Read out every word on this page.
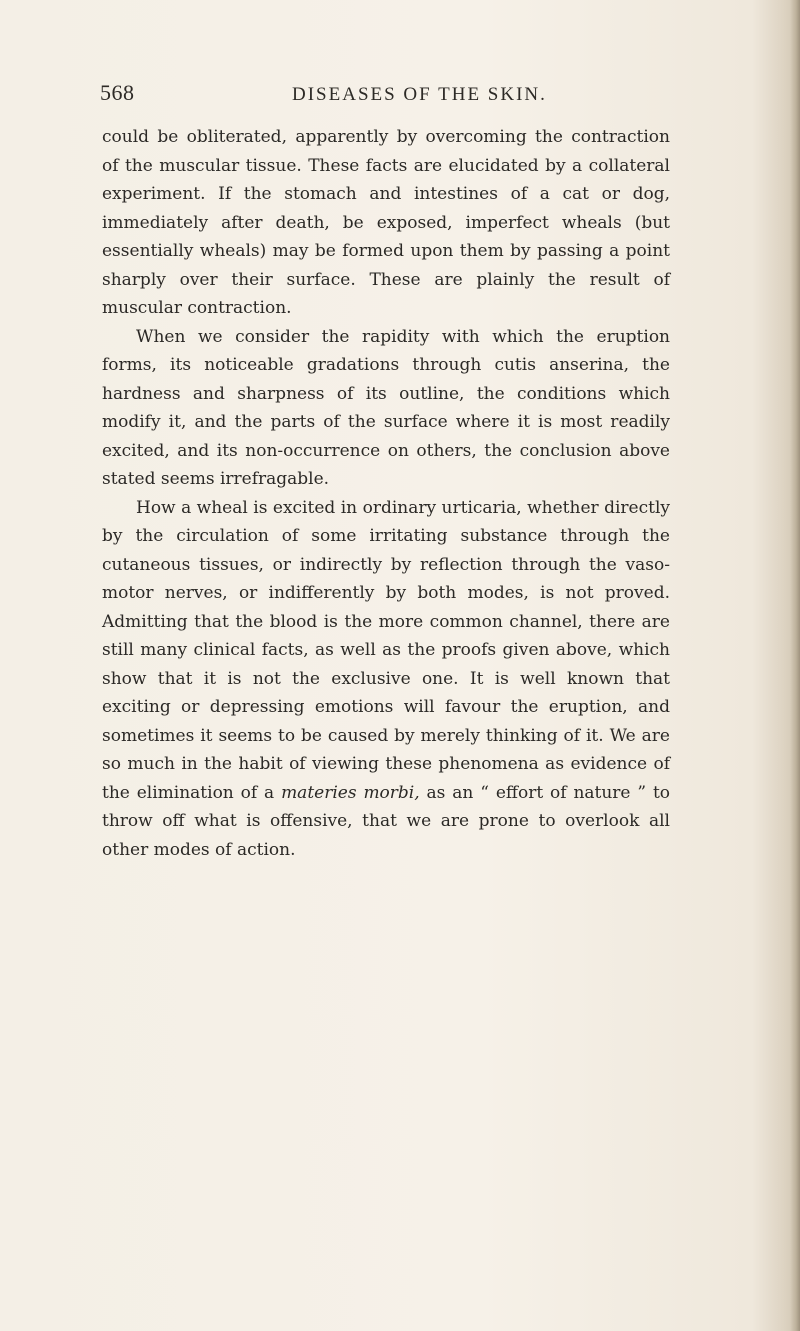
568	DISEASES OF THE SKIN.

could be obliterated, apparently by overcoming the contraction of the muscular tissue. These facts are elucidated by a collateral experiment. If the stomach and intestines of a cat or dog, immediately after death, be exposed, imperfect wheals (but essentially wheals) may be formed upon them by passing a point sharply over their surface. These are plainly the result of muscular contraction.

When we consider the rapidity with which the eruption forms, its noticeable gradations through cutis anserina, the hardness and sharpness of its outline, the conditions which modify it, and the parts of the surface where it is most readily excited, and its non-occurrence on others, the conclusion above stated seems irrefragable.

How a wheal is excited in ordinary urticaria, whether directly by the circulation of some irritating substance through the cutaneous tissues, or indirectly by reflection through the vaso-motor nerves, or indifferently by both modes, is not proved. Admitting that the blood is the more common channel, there are still many clinical facts, as well as the proofs given above, which show that it is not the exclusive one. It is well known that exciting or depressing emotions will favour the eruption, and sometimes it seems to be caused by merely thinking of it. We are so much in the habit of viewing these phenomena as evidence of the elimination of a materies morbi, as an “ effort of nature ” to throw off what is offensive, that we are prone to overlook all other modes of action.
